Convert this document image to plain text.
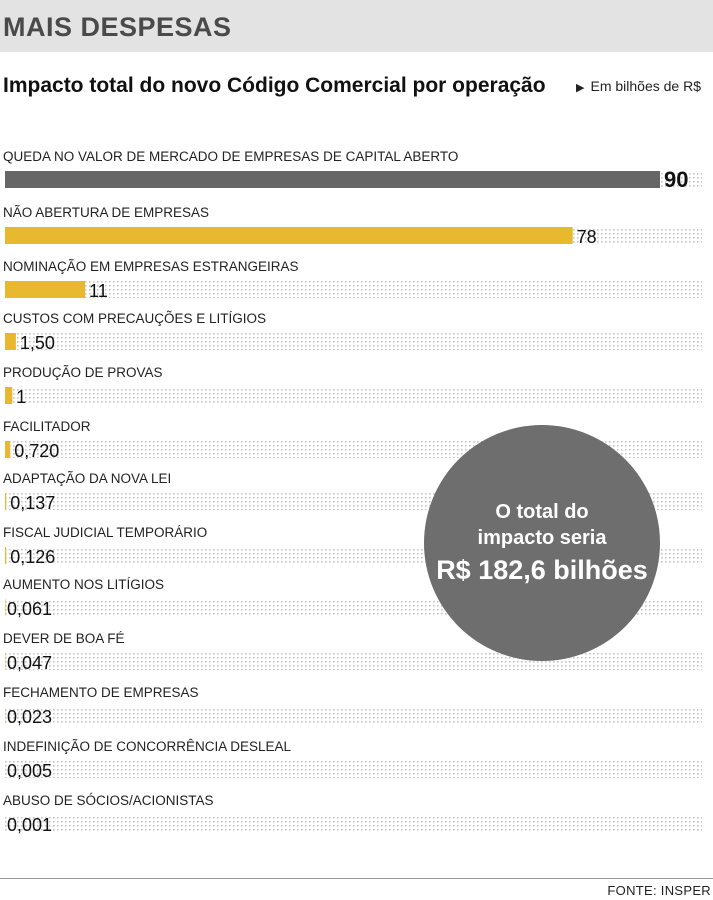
MAIS DESPESAS
Impacto total do novo Código Comercial por operação	▶ Em bilhões de R$
QUEDA NO VALOR DE MERCADO DE EMPRESAS DE CAPITAL ABERTO
90
NÃO ABERTURA DE EMPRESAS
78
NOMINAÇÃO EM EMPRESAS ESTRANGEIRAS
11
CUSTOS COM PRECAUÇÕES E LITÍGIOS
1,50
PRODUÇÃO DE PROVAS
1
FACILITADOR
0,720
ADAPTAÇÃO DA NOVA LEI
0,137
FISCAL JUDICIAL TEMPORÁRIO
0,126
AUMENTO NOS LITÍGIOS
0,061
DEVER DE BOA FÉ
0,047
FECHAMENTO DE EMPRESAS
0,023
INDEFINIÇÃO DE CONCORRÊNCIA DESLEAL
0,005
ABUSO DE SÓCIOS/ACIONISTAS
0,001
O total do
impacto seria
R$ 182,6 bilhões
FONTE: INSPER
